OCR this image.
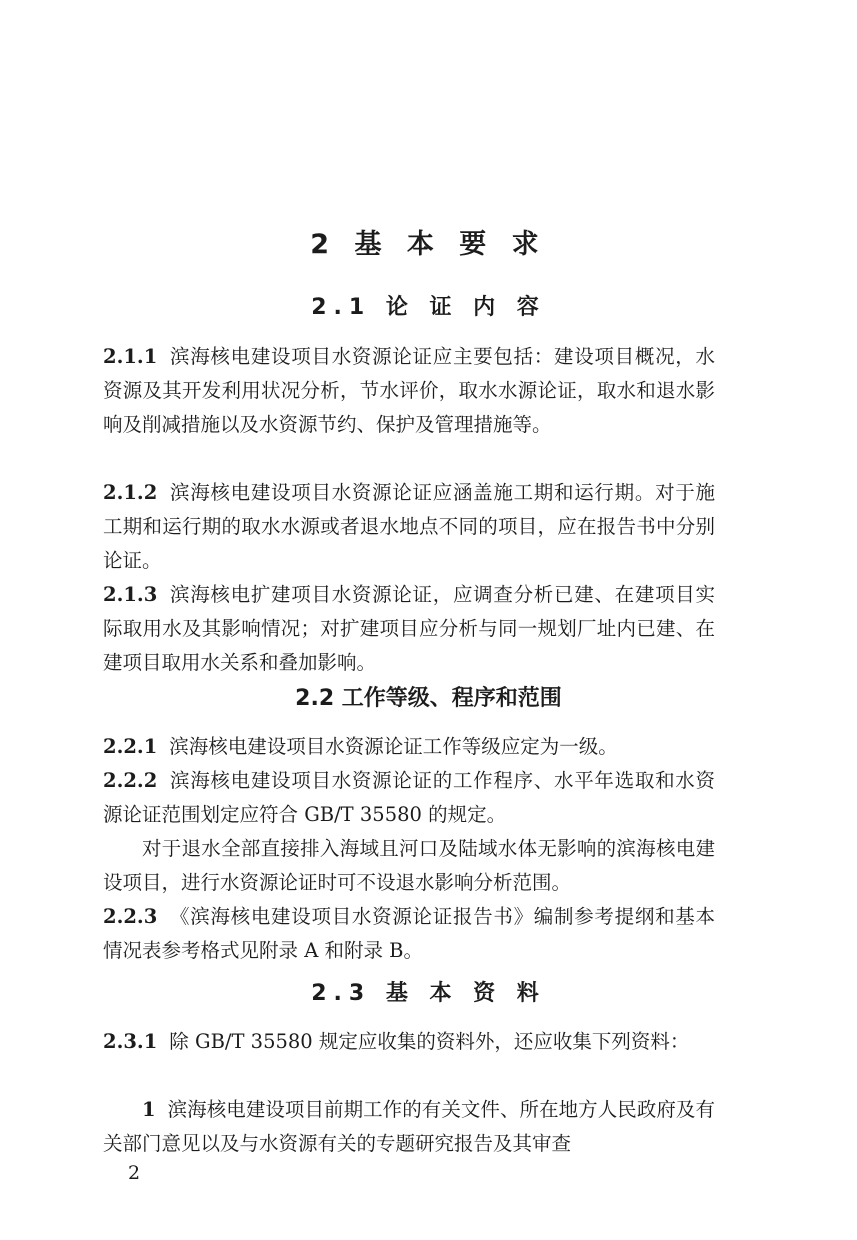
2 基 本 要 求
2.1 论 证 内 容
2.1.1 滨海核电建设项目水资源论证应主要包括：建设项目概况，水资源及其开发利用状况分析，节水评价，取水水源论证，取水和退水影响及削减措施以及水资源节约、保护及管理措施等。
2.1.2 滨海核电建设项目水资源论证应涵盖施工期和运行期。对于施工期和运行期的取水水源或者退水地点不同的项目，应在报告书中分别论证。
2.1.3 滨海核电扩建项目水资源论证，应调查分析已建、在建项目实际取用水及其影响情况；对扩建项目应分析与同一规划厂址内已建、在建项目取用水关系和叠加影响。
2.2 工作等级、程序和范围
2.2.1 滨海核电建设项目水资源论证工作等级应定为一级。
2.2.2 滨海核电建设项目水资源论证的工作程序、水平年选取和水资源论证范围划定应符合 GB/T 35580 的规定。
对于退水全部直接排入海域且河口及陆域水体无影响的滨海核电建设项目，进行水资源论证时可不设退水影响分析范围。
2.2.3 《滨海核电建设项目水资源论证报告书》编制参考提纲和基本情况表参考格式见附录 A 和附录 B。
2.3 基 本 资 料
2.3.1 除 GB/T 35580 规定应收集的资料外，还应收集下列资料：
1 滨海核电建设项目前期工作的有关文件、所在地方人民政府及有关部门意见以及与水资源有关的专题研究报告及其审查
2
